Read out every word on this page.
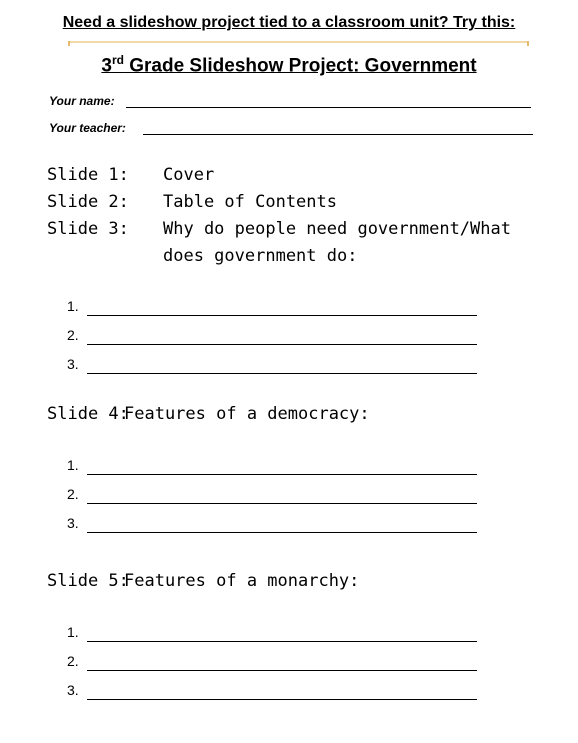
Need a slideshow project tied to a classroom unit? Try this:
3rd Grade Slideshow Project: Government
Your name:
Your teacher:
Slide 1: Cover
Slide 2: Table of Contents
Slide 3: Why do people need government/What
does government do:
1.
2.
3.
Slide 4:
Features of a democracy:
1.
2.
3.
Slide 5:
Features of a monarchy:
1.
2.
3.
